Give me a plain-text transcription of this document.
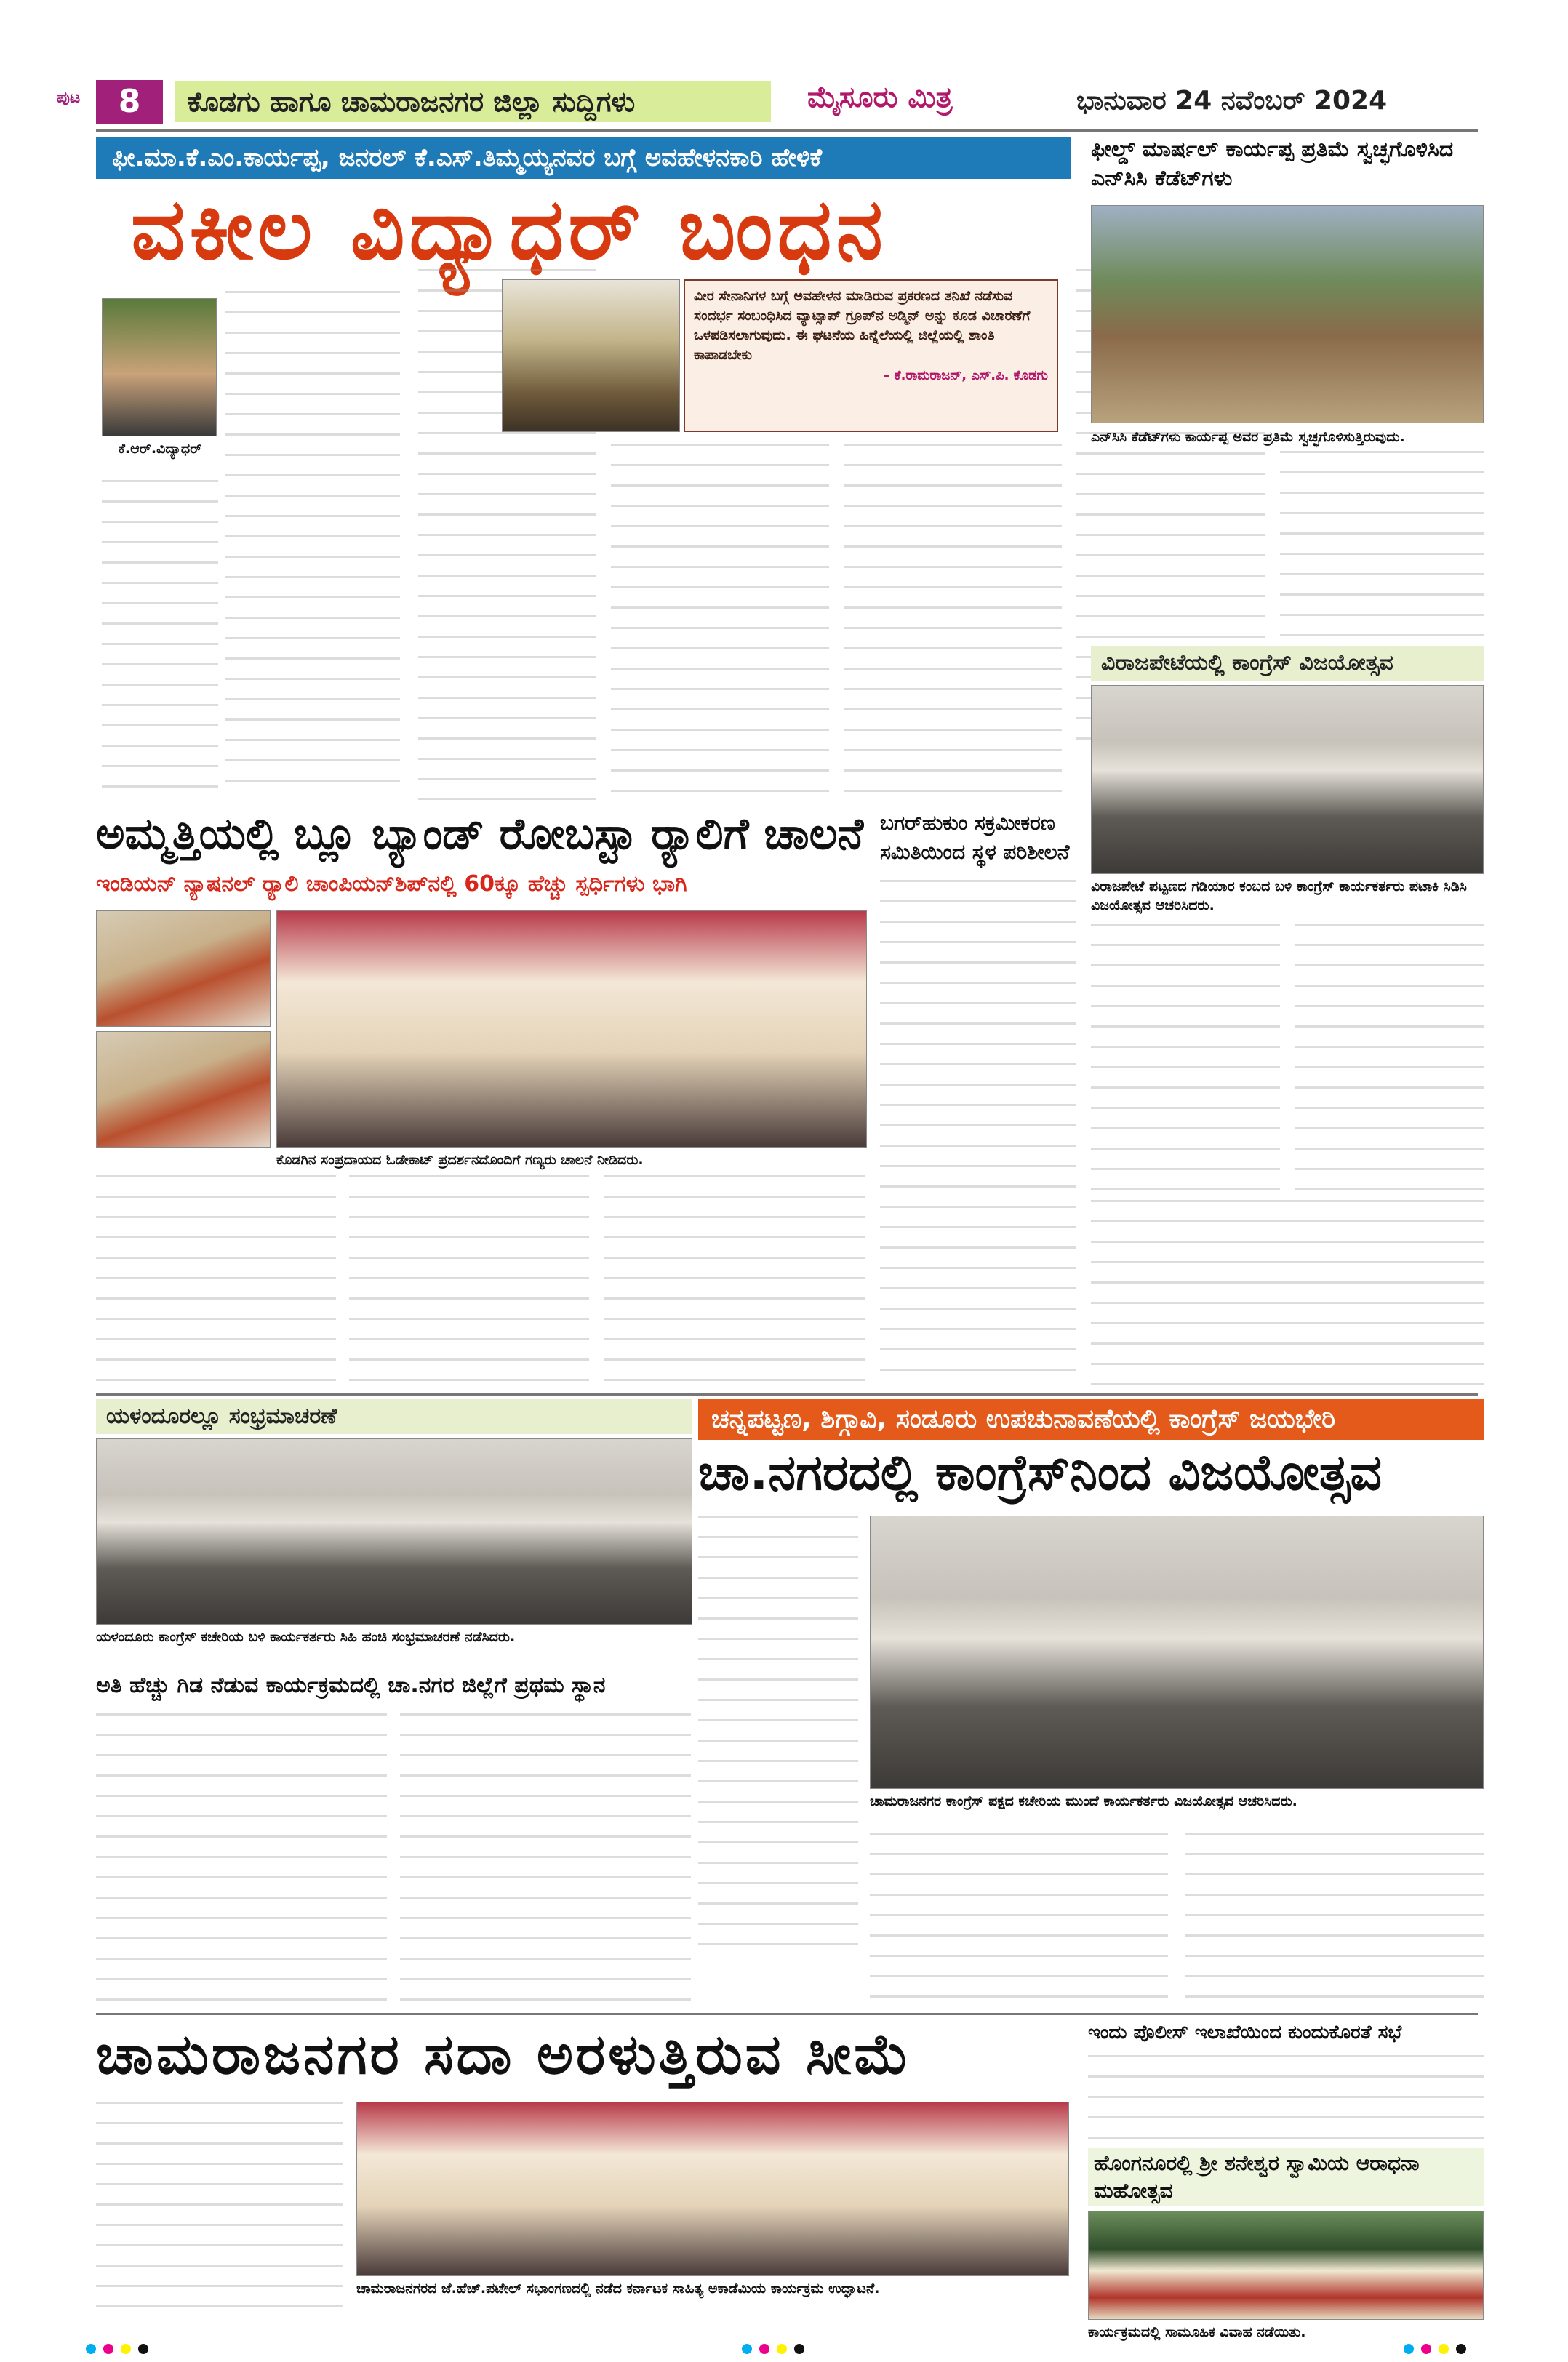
8
ಪುಟ	ಕೊಡಗು ಹಾಗೂ ಚಾಮರಾಜನಗರ ಜಿಲ್ಲಾ ಸುದ್ದಿಗಳು	ಮೈಸೂರು ಮಿತ್ರ	ಭಾನುವಾರ 24 ನವೆಂಬರ್ 2024
ಫೀ.ಮಾ.ಕೆ.ಎಂ.ಕಾರ್ಯಪ್ಪ, ಜನರಲ್ ಕೆ.ಎಸ್.ತಿಮ್ಮಯ್ಯನವರ ಬಗ್ಗೆ ಅವಹೇಳನಕಾರಿ ಹೇಳಿಕೆ
ವಕೀಲ ವಿದ್ಯಾಧರ್ ಬಂಧನ
ಕೆ.ಆರ್.ವಿದ್ಯಾಧರ್
ವೀರ ಸೇನಾನಿಗಳ ಬಗ್ಗೆ ಅವಹೇಳನ ಮಾಡಿರುವ ಪ್ರಕರಣದ ತನಿಖೆ ನಡೆಸುವ ಸಂದರ್ಭ ಸಂಬಂಧಿಸಿದ ವ್ಯಾಟ್ಸಾಪ್ ಗ್ರೂಪ್‌ನ ಅಡ್ಮಿನ್ ಅನ್ನು ಕೂಡ ವಿಚಾರಣೆಗೆ ಒಳಪಡಿಸಲಾಗುವುದು. ಈ ಘಟನೆಯ ಹಿನ್ನೆಲೆಯಲ್ಲಿ ಜಿಲ್ಲೆಯಲ್ಲಿ ಶಾಂತಿ ಕಾಪಾಡಬೇಕು
– ಕೆ.ರಾಮರಾಜನ್, ಎಸ್.ಪಿ. ಕೊಡಗು
ಫೀಲ್ಡ್ ಮಾರ್ಷಲ್ ಕಾರ್ಯಪ್ಪ ಪ್ರತಿಮೆ ಸ್ವಚ್ಛಗೊಳಿಸಿದ ಎನ್‌ಸಿಸಿ ಕೆಡೆಟ್‌ಗಳು
ಎನ್‌ಸಿಸಿ ಕೆಡೆಟ್‌ಗಳು ಕಾರ್ಯಪ್ಪ ಅವರ ಪ್ರತಿಮೆ ಸ್ವಚ್ಛಗೊಳಿಸುತ್ತಿರುವುದು.
ವಿರಾಜಪೇಟೆಯಲ್ಲಿ ಕಾಂಗ್ರೆಸ್ ವಿಜಯೋತ್ಸವ
ವಿರಾಜಪೇಟೆ ಪಟ್ಟಣದ ಗಡಿಯಾರ ಕಂಬದ ಬಳಿ ಕಾಂಗ್ರೆಸ್ ಕಾರ್ಯಕರ್ತರು ಪಟಾಕಿ ಸಿಡಿಸಿ ವಿಜಯೋತ್ಸವ ಆಚರಿಸಿದರು.
ಅಮ್ಮತ್ತಿಯಲ್ಲಿ ಬ್ಲೂ ಬ್ಯಾಂಡ್ ರೋಬಸ್ಟಾ ರ್‍ಯಾಲಿಗೆ ಚಾಲನೆ
ಇಂಡಿಯನ್ ನ್ಯಾಷನಲ್ ರ್‍ಯಾಲಿ ಚಾಂಪಿಯನ್‌ಶಿಪ್‌ನಲ್ಲಿ 60ಕ್ಕೂ ಹೆಚ್ಚು ಸ್ಪರ್ಧಿಗಳು ಭಾಗಿ
ಕೊಡಗಿನ ಸಂಪ್ರದಾಯದ ಓಡೇಕಾಟ್ ಪ್ರದರ್ಶನದೊಂದಿಗೆ ಗಣ್ಯರು ಚಾಲನೆ ನೀಡಿದರು.
ಬಗರ್‌ಹುಕುಂ ಸಕ್ರಮೀಕರಣ ಸಮಿತಿಯಿಂದ ಸ್ಥಳ ಪರಿಶೀಲನೆ
ಯಳಂದೂರಲ್ಲೂ ಸಂಭ್ರಮಾಚರಣೆ
ಯಳಂದೂರು ಕಾಂಗ್ರೆಸ್ ಕಚೇರಿಯ ಬಳಿ ಕಾರ್ಯಕರ್ತರು ಸಿಹಿ ಹಂಚಿ ಸಂಭ್ರಮಾಚರಣೆ ನಡೆಸಿದರು.
ಅತಿ ಹೆಚ್ಚು ಗಿಡ ನೆಡುವ ಕಾರ್ಯಕ್ರಮದಲ್ಲಿ ಚಾ.ನಗರ ಜಿಲ್ಲೆಗೆ ಪ್ರಥಮ ಸ್ಥಾನ
ಚನ್ನಪಟ್ಟಣ, ಶಿಗ್ಗಾವಿ, ಸಂಡೂರು ಉಪಚುನಾವಣೆಯಲ್ಲಿ ಕಾಂಗ್ರೆಸ್ ಜಯಭೇರಿ
ಚಾ.ನಗರದಲ್ಲಿ ಕಾಂಗ್ರೆಸ್‌ನಿಂದ ವಿಜಯೋತ್ಸವ
ಚಾಮರಾಜನಗರ ಕಾಂಗ್ರೆಸ್ ಪಕ್ಷದ ಕಚೇರಿಯ ಮುಂದೆ ಕಾರ್ಯಕರ್ತರು ವಿಜಯೋತ್ಸವ ಆಚರಿಸಿದರು.
ಚಾಮರಾಜನಗರ ಸದಾ ಅರಳುತ್ತಿರುವ ಸೀಮೆ
ಚಾಮರಾಜನಗರದ ಜೆ.ಹೆಚ್.ಪಟೇಲ್ ಸಭಾಂಗಣದಲ್ಲಿ ನಡೆದ ಕರ್ನಾಟಕ ಸಾಹಿತ್ಯ ಅಕಾಡೆಮಿಯ ಕಾರ್ಯಕ್ರಮ ಉದ್ಘಾಟನೆ.
ಇಂದು ಪೊಲೀಸ್ ಇಲಾಖೆಯಿಂದ ಕುಂದುಕೊರತೆ ಸಭೆ
ಹೊಂಗನೂರಲ್ಲಿ ಶ್ರೀ ಶನೇಶ್ವರ ಸ್ವಾಮಿಯ ಆರಾಧನಾ ಮಹೋತ್ಸವ
ಕಾರ್ಯಕ್ರಮದಲ್ಲಿ ಸಾಮೂಹಿಕ ವಿವಾಹ ನಡೆಯಿತು.
